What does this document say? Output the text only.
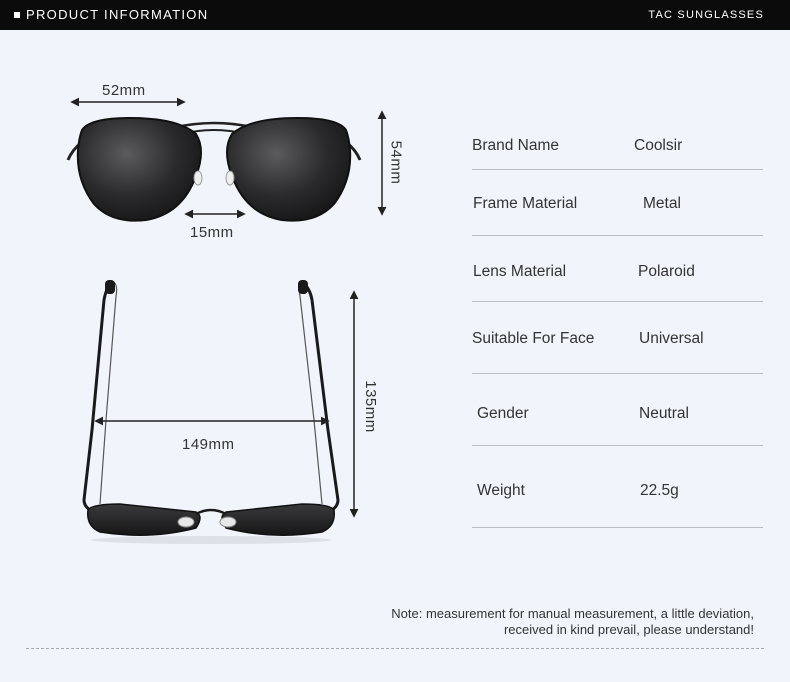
PRODUCT INFORMATION	TAC SUNGLASSES
52mm
15mm
54mm
149mm
135mm
Brand Name	Coolsir
Frame Material	Metal
Lens Material	Polaroid
Suitable For Face	Universal
Gender	Neutral
Weight	22.5g
Note: measurement for manual measurement, a little deviation,
received in kind prevail, please understand!
